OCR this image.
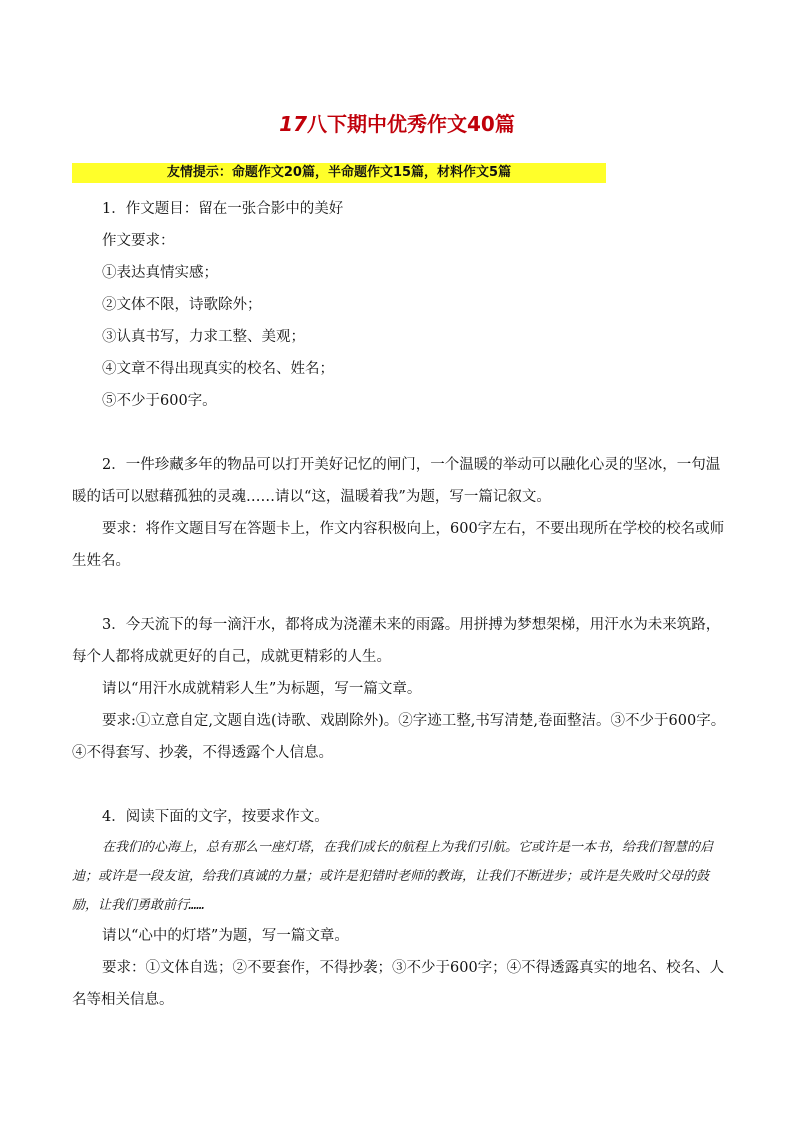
17八下期中优秀作文40篇
友情提示：命题作文20篇，半命题作文15篇，材料作文5篇

1．作文题目：留在一张合影中的美好

作文要求：

①表达真情实感；

②文体不限，诗歌除外；

③认真书写，力求工整、美观；

④文章不得出现真实的校名、姓名；

⑤不少于600字。

2．一件珍藏多年的物品可以打开美好记忆的闸门，一个温暖的举动可以融化心灵的坚冰，一句温暖的话可以慰藉孤独的灵魂……请以“这，温暖着我”为题，写一篇记叙文。

要求：将作文题目写在答题卡上，作文内容积极向上，600字左右，不要出现所在学校的校名或师生姓名。

3．今天流下的每一滴汗水，都将成为浇灌未来的雨露。用拼搏为梦想架梯，用汗水为未来筑路，每个人都将成就更好的自己，成就更精彩的人生。

请以“用汗水成就精彩人生”为标题，写一篇文章。

要求:①立意自定,文题自选(诗歌、戏剧除外)。②字迹工整,书写清楚,卷面整洁。③不少于600字。④不得套写、抄袭，不得透露个人信息。

4．阅读下面的文字，按要求作文。

在我们的心海上，总有那么一座灯塔，在我们成长的航程上为我们引航。它或许是一本书，给我们智慧的启迪；或许是一段友谊，给我们真诚的力量；或许是犯错时老师的教诲，让我们不断进步；或许是失败时父母的鼓励，让我们勇敢前行……

请以“心中的灯塔”为题，写一篇文章。

要求：①文体自选；②不要套作，不得抄袭；③不少于600字；④不得透露真实的地名、校名、人名等相关信息。
